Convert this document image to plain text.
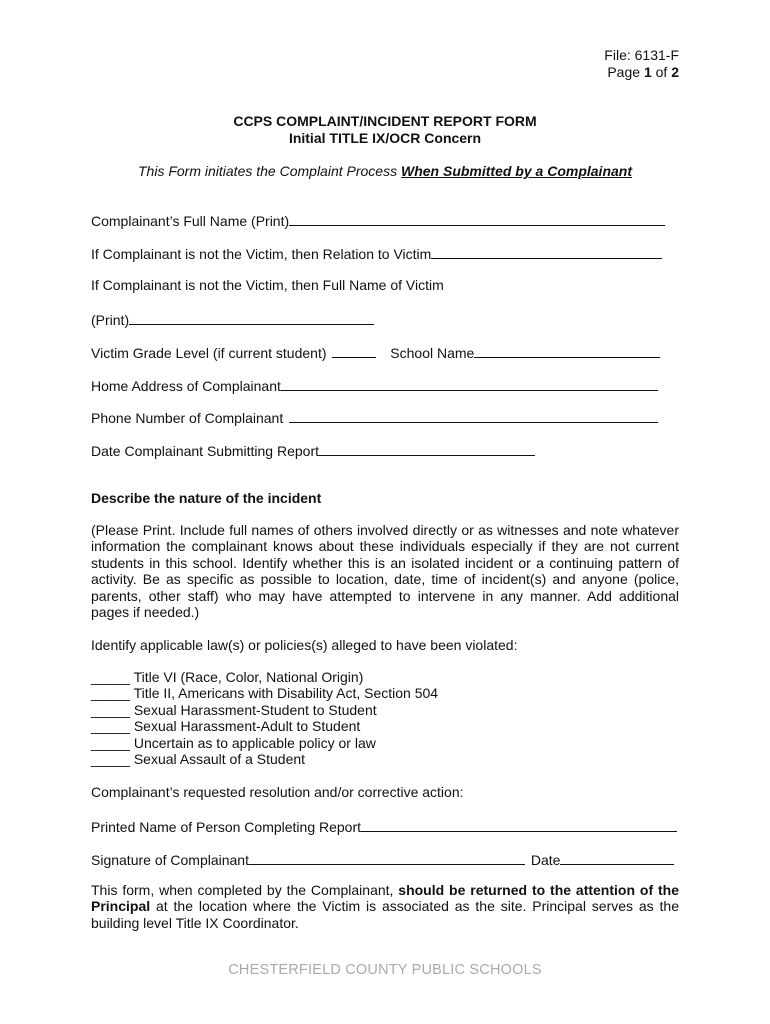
File: 6131-F
Page 1 of 2
CCPS COMPLAINT/INCIDENT REPORT FORM
Initial TITLE IX/OCR Concern
This Form initiates the Complaint Process When Submitted by a Complainant
Complainant’s Full Name (Print)
If Complainant is not the Victim, then Relation to Victim
If Complainant is not the Victim, then Full Name of Victim
(Print)
Victim Grade Level (if current student)	School Name
Home Address of Complainant
Phone Number of Complainant
Date Complainant Submitting Report
Describe the nature of the incident
(Please Print. Include full names of others involved directly or as witnesses and note whatever information the complainant knows about these individuals especially if they are not current students in this school. Identify whether this is an isolated incident or a continuing pattern of activity. Be as specific as possible to location, date, time of incident(s) and anyone (police, parents, other staff) who may have attempted to intervene in any manner. Add additional pages if needed.)
Identify applicable law(s) or policies(s) alleged to have been violated:
_____ Title VI (Race, Color, National Origin)
_____ Title II, Americans with Disability Act, Section 504
_____ Sexual Harassment-Student to Student
_____ Sexual Harassment-Adult to Student
_____ Uncertain as to applicable policy or law
_____ Sexual Assault of a Student
Complainant’s requested resolution and/or corrective action:
Printed Name of Person Completing Report
Signature of Complainant	Date
This form, when completed by the Complainant, should be returned to the attention of the Principal at the location where the Victim is associated as the site. Principal serves as the building level Title IX Coordinator.
CHESTERFIELD COUNTY PUBLIC SCHOOLS
